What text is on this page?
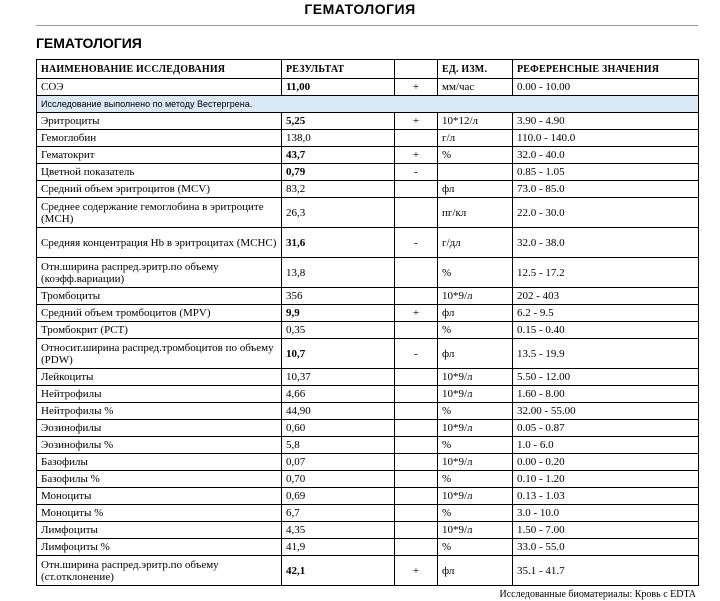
ГЕМАТОЛОГИЯ
ГЕМАТОЛОГИЯ
НАИМЕНОВАНИЕ ИССЛЕДОВАНИЯ	РЕЗУЛЬТАТ		ЕД. ИЗМ.	РЕФЕРЕНСНЫЕ ЗНАЧЕНИЯ
СОЭ	11,00	+	мм/час	0.00 - 10.00
Исследование выполнено по методу Вестергрена.				
Эритроциты	5,25	+	10*12/л	3.90 - 4.90
Гемоглобин	138,0		г/л	110.0 - 140.0
Гематокрит	43,7	+	%	32.0 - 40.0
Цветной показатель	0,79	-		0.85 - 1.05
Средний объем эритроцитов (MCV)	83,2		фл	73.0 - 85.0
Среднее содержание гемоглобина в эритроците (MCH)	26,3		пг/кл	22.0 - 30.0
Средняя концентрация Hb в эритроцитах (MCHC)	31,6	-	г/дл	32.0 - 38.0
Отн.ширина распред.эритр.по объему (коэфф.вариации)	13,8		%	12.5 - 17.2
Тромбоциты	356		10*9/л	202 - 403
Средний объем тромбоцитов (MPV)	9,9	+	фл	6.2 - 9.5
Тромбокрит (PCT)	0,35		%	0.15 - 0.40
Относит.ширина распред.тромбоцитов по объему (PDW)	10,7	-	фл	13.5 - 19.9
Лейкоциты	10,37		10*9/л	5.50 - 12.00
Нейтрофилы	4,66		10*9/л	1.60 - 8.00
Нейтрофилы %	44,90		%	32.00 - 55.00
Эозинофилы	0,60		10*9/л	0.05 - 0.87
Эозинофилы %	5,8		%	1.0 - 6.0
Базофилы	0,07		10*9/л	0.00 - 0.20
Базофилы %	0,70		%	0.10 - 1.20
Моноциты	0,69		10*9/л	0.13 - 1.03
Моноциты %	6,7		%	3.0 - 10.0
Лимфоциты	4,35		10*9/л	1.50 - 7.00
Лимфоциты %	41,9		%	33.0 - 55.0
Отн.ширина распред.эритр.по объему (ст.отклонение)	42,1	+	фл	35.1 - 41.7
Исследованные биоматериалы: Кровь с EDTA
